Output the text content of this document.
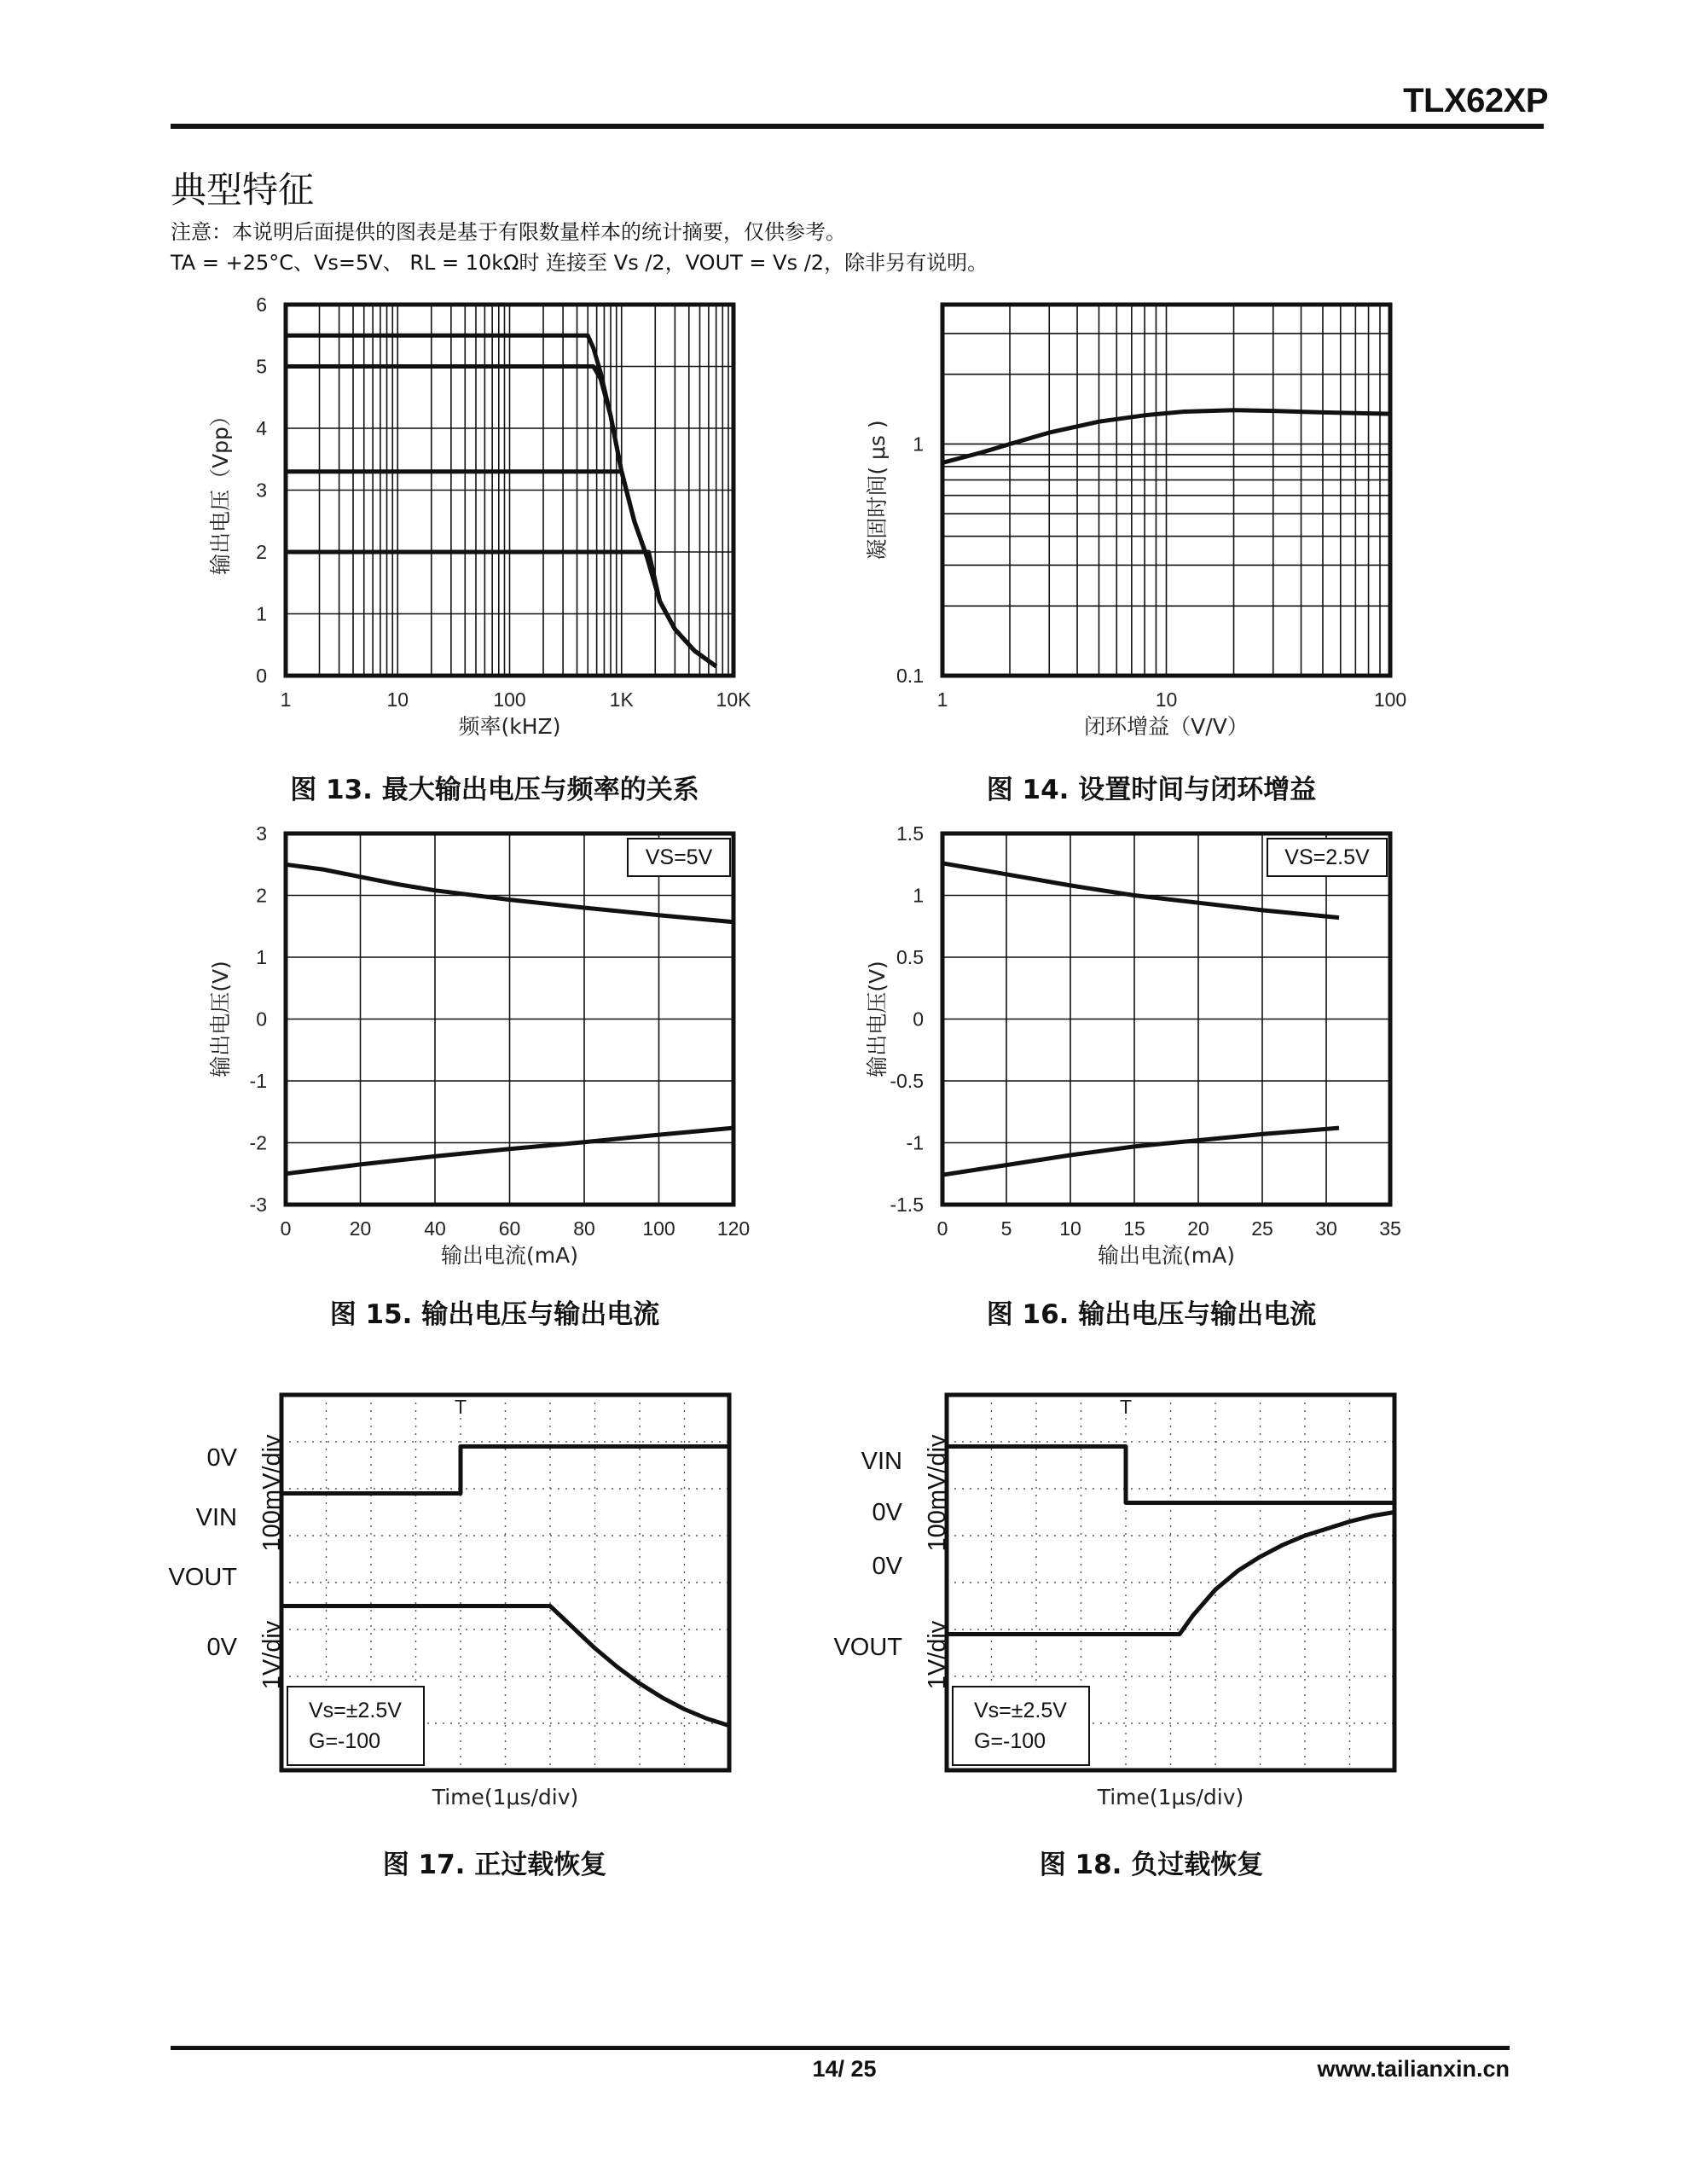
TLX62XP
典型特征
注意：本说明后面提供的图表是基于有限数量样本的统计摘要，仅供参考。
TA = +25°C、Vs=5V、 RL = 10kΩ时 连接至 Vs /2，VOUT = Vs /2，除非另有说明。
1	10	100	1K	10K
0
1
2
3
4
5
6
频率(kHZ)
输出电压（Vpp）
图 13. 最大输出电压与频率的关系
1	10	100
0.1
1
闭环增益（V/V）
凝固时间( μs )
图 14. 设置时间与闭环增益
0	20	40	60	80 100 120
-3
-2
-1
0
1
2
3
输出电流(mA)
输出电压(V)
VS=5V
图 15. 输出电压与输出电流
0	5 10 15 20 25 30 35
-1.5
-1
-0.5
0
0.5
1
1.5
输出电流(mA)
输出电压(V)
VS=2.5V
图 16. 输出电压与输出电流
T
100mV/div
1V/div
0V
VIN
VOUT
0V
Vs=±2.5V
G=-100
Time(1μs/div)
图 17. 正过载恢复
T
100mV/div
1V/div
VIN
0V
0V
VOUT
Vs=±2.5V
G=-100
Time(1μs/div)
图 18. 负过载恢复
14/ 25	www.tailianxin.cn
